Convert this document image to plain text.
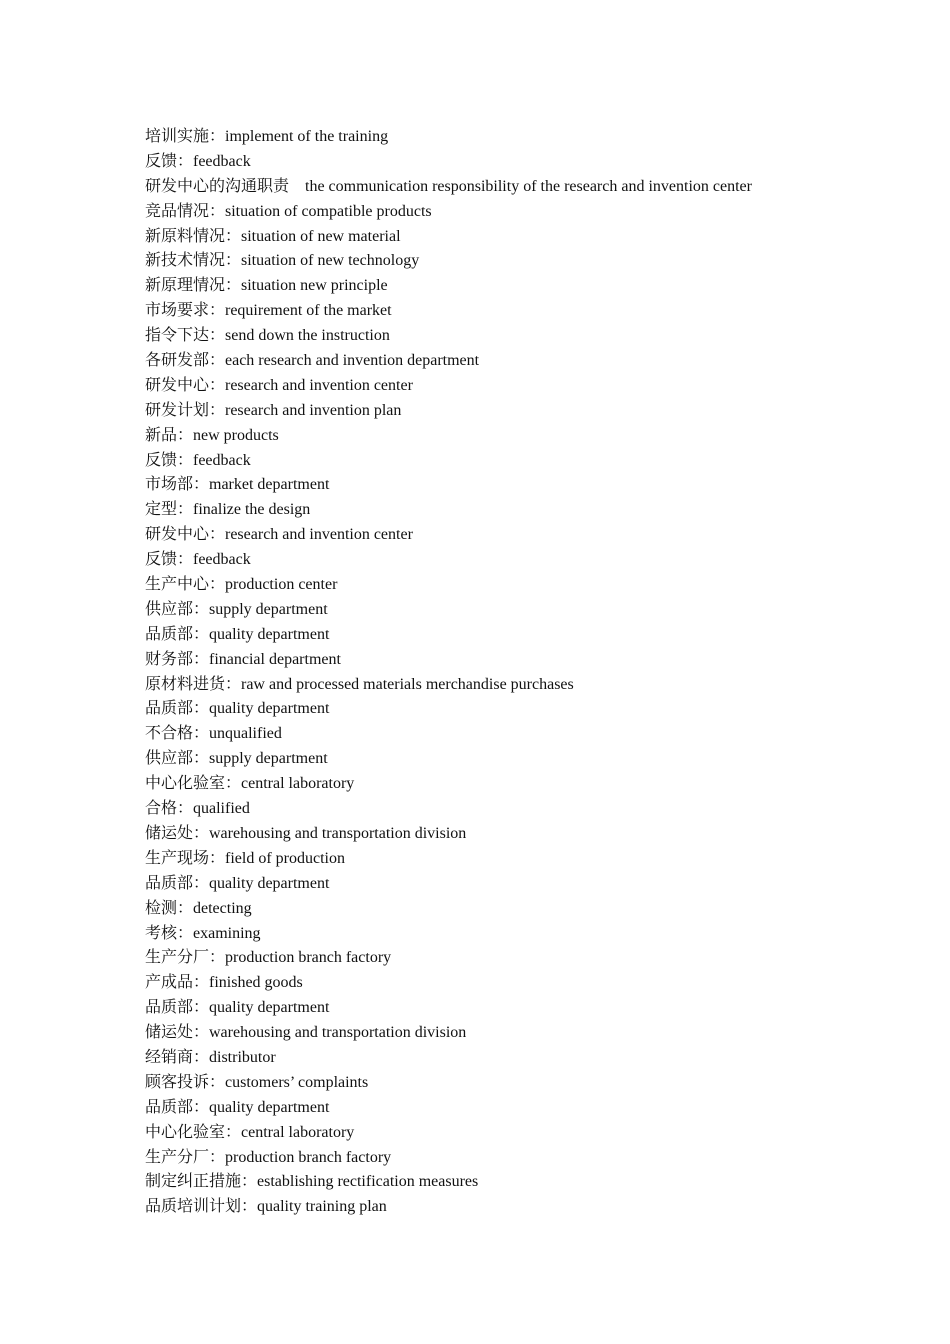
培训实施：implement of the training
反馈：feedback
研发中心的沟通职责　the communication responsibility of the research and invention center
竞品情况：situation of compatible products
新原料情况：situation of new material
新技术情况：situation of new technology
新原理情况：situation new principle
市场要求：requirement of the market
指令下达：send down the instruction
各研发部：each research and invention department
研发中心：research and invention center
研发计划：research and invention plan
新品：new products
反馈：feedback
市场部：market department
定型：finalize the design
研发中心：research and invention center
反馈：feedback
生产中心：production center
供应部：supply department
品质部：quality department
财务部：financial department
原材料进货：raw and processed materials merchandise purchases
品质部：quality department
不合格：unqualified
供应部：supply department
中心化验室：central laboratory
合格：qualified
储运处：warehousing and transportation division
生产现场：field of production
品质部：quality department
检测：detecting
考核：examining
生产分厂：production branch factory
产成品：finished goods
品质部：quality department
储运处：warehousing and transportation division
经销商：distributor
顾客投诉：customers’ complaints
品质部：quality department
中心化验室：central laboratory
生产分厂：production branch factory
制定纠正措施：establishing rectification measures
品质培训计划：quality training plan
